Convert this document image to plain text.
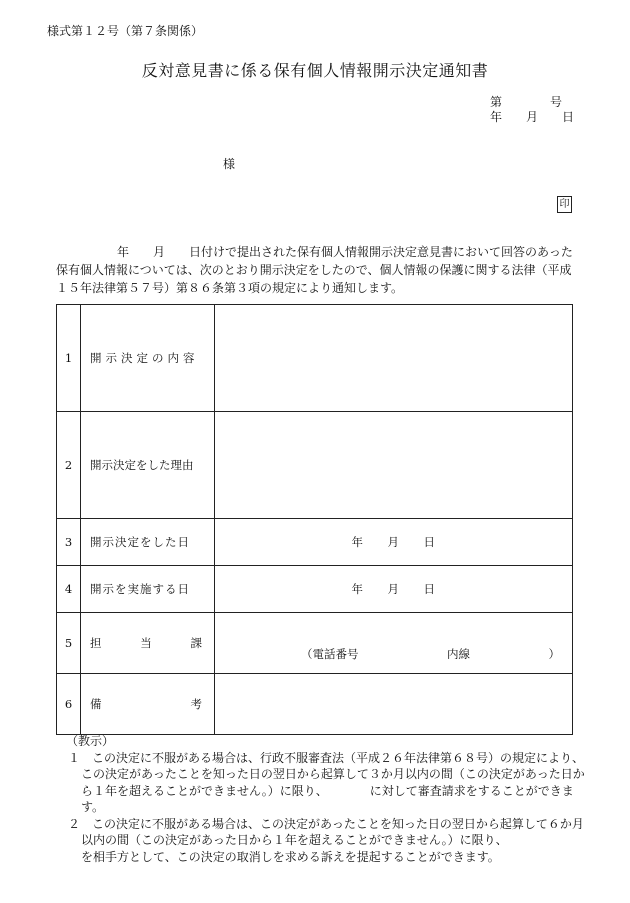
様式第１２号（第７条関係）
反対意見書に係る保有個人情報開示決定通知書
第　　　　号
年　　月　　日
様
印
年　　月　　日付けで提出された保有個人情報開示決定意見書において回答のあった
保有個人情報については、次のとおり開示決定をしたので、個人情報の保護に関する法律（平成
１５年法律第５７号）第８６条第３項の規定により通知します。
1	開示決定の内容	
2	開示決定をした理由	
3	開示決定をした日	年　　月　　日
4	開示を実施する日	年　　月　　日
5	担 当 課	（電話番号 内線 ）

6	備 考	

（教示）
１　この決定に不服がある場合は、行政不服審査法（平成２６年法律第６８号）の規定により、
この決定があったことを知った日の翌日から起算して３か月以内の間（この決定があった日か
ら１年を超えることができません。）に限り、　　　　に対して審査請求をすることができま
す。
２　この決定に不服がある場合は、この決定があったことを知った日の翌日から起算して６か月
以内の間（この決定があった日から１年を超えることができません。）に限り、
を相手方として、この決定の取消しを求める訴えを提起することができます。
